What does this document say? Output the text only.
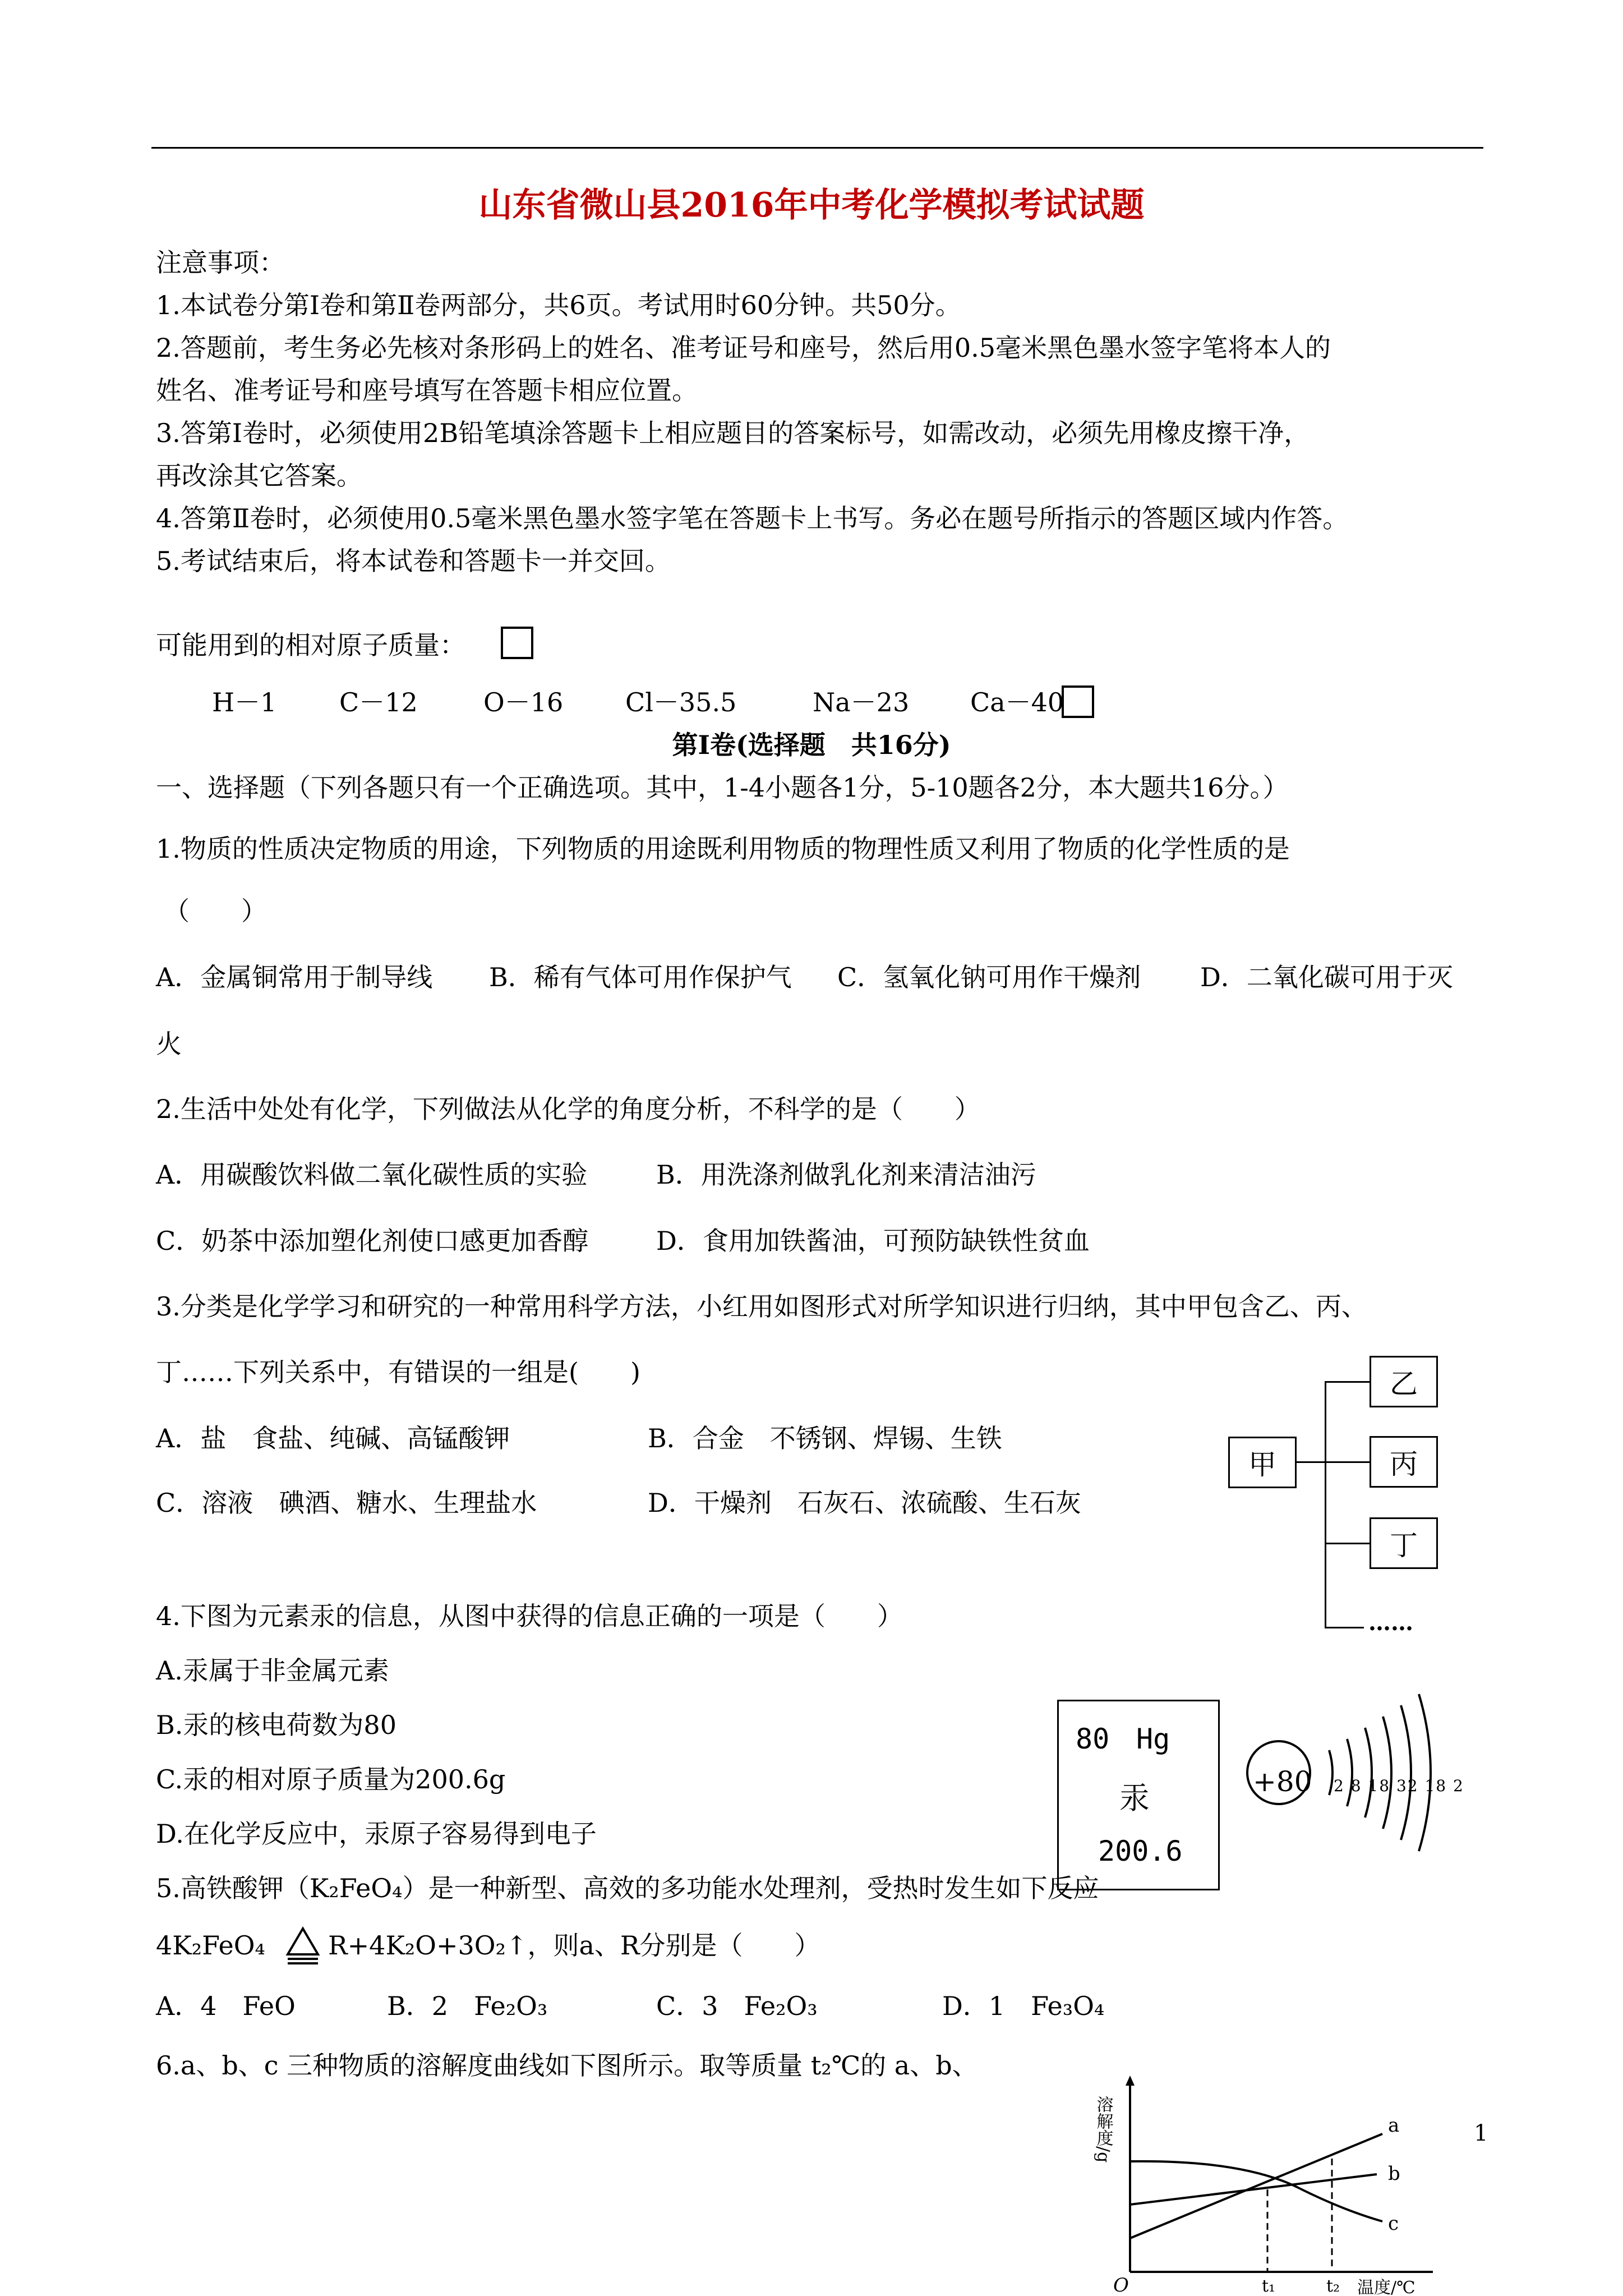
山东省微山县2016年中考化学模拟考试试题
注意事项：
1.本试卷分第Ⅰ卷和第Ⅱ卷两部分，共6页。考试用时60分钟。共50分。
2.答题前，考生务必先核对条形码上的姓名、准考证号和座号，然后用0.5毫米黑色墨水签字笔将本人的
姓名、准考证号和座号填写在答题卡相应位置。
3.答第Ⅰ卷时，必须使用2B铅笔填涂答题卡上相应题目的答案标号，如需改动，必须先用橡皮擦干净，
再改涂其它答案。
4.答第Ⅱ卷时，必须使用0.5毫米黑色墨水签字笔在答题卡上书写。务必在题号所指示的答题区域内作答。
5.考试结束后，将本试卷和答题卡一并交回。
可能用到的相对原子质量：
H－1 C－12	O－16 Cl－35.5	Na－23 Ca－40
第Ⅰ卷(选择题　共16分)
一、选择题（下列各题只有一个正确选项。其中，1-4小题各1分，5-10题各2分，本大题共16分。）
1.物质的性质决定物质的用途，下列物质的用途既利用物质的物理性质又利用了物质的化学性质的是
（　　）
A．金属铜常用于制导线 B．稀有气体可用作保护气 C．氢氧化钠可用作干燥剂 D．二氧化碳可用于灭
火
2.生活中处处有化学，下列做法从化学的角度分析，不科学的是（　　）
A．用碳酸饮料做二氧化碳性质的实验	B．用洗涤剂做乳化剂来清洁油污
C．奶茶中添加塑化剂使口感更加香醇	D．食用加铁酱油，可预防缺铁性贫血
3.分类是化学学习和研究的一种常用科学方法，小红用如图形式对所学知识进行归纳，其中甲包含乙、丙、
丁……下列关系中，有错误的一组是(　　)
A．盐　食盐、纯碱、高锰酸钾	B．合金　不锈钢、焊锡、生铁
C．溶液　碘酒、糖水、生理盐水	D．干燥剂　石灰石、浓硫酸、生石灰
甲
乙
丙
丁
……
4.下图为元素汞的信息，从图中获得的信息正确的一项是（　　）
A.汞属于非金属元素
B.汞的核电荷数为80
C.汞的相对原子质量为200.6g
D.在化学反应中，汞原子容易得到电子
80 Hg
汞
200.6
+80 2 8 18 32 18 2
5.高铁酸钾（K₂FeO₄）是一种新型、高效的多功能水处理剂，受热时发生如下反应
4K₂FeO₄ R+4K₂O+3O₂↑，则a、R分别是（　　）
A．4　FeO	B．2　Fe₂O₃	C．3　Fe₂O₃	D．1　Fe₃O₄
6.a、b、c 三种物质的溶解度曲线如下图所示。取等质量 t₂℃的 a、b、
溶解度/g
O	t₁	t₂ 温度/℃
a
b
c
1
